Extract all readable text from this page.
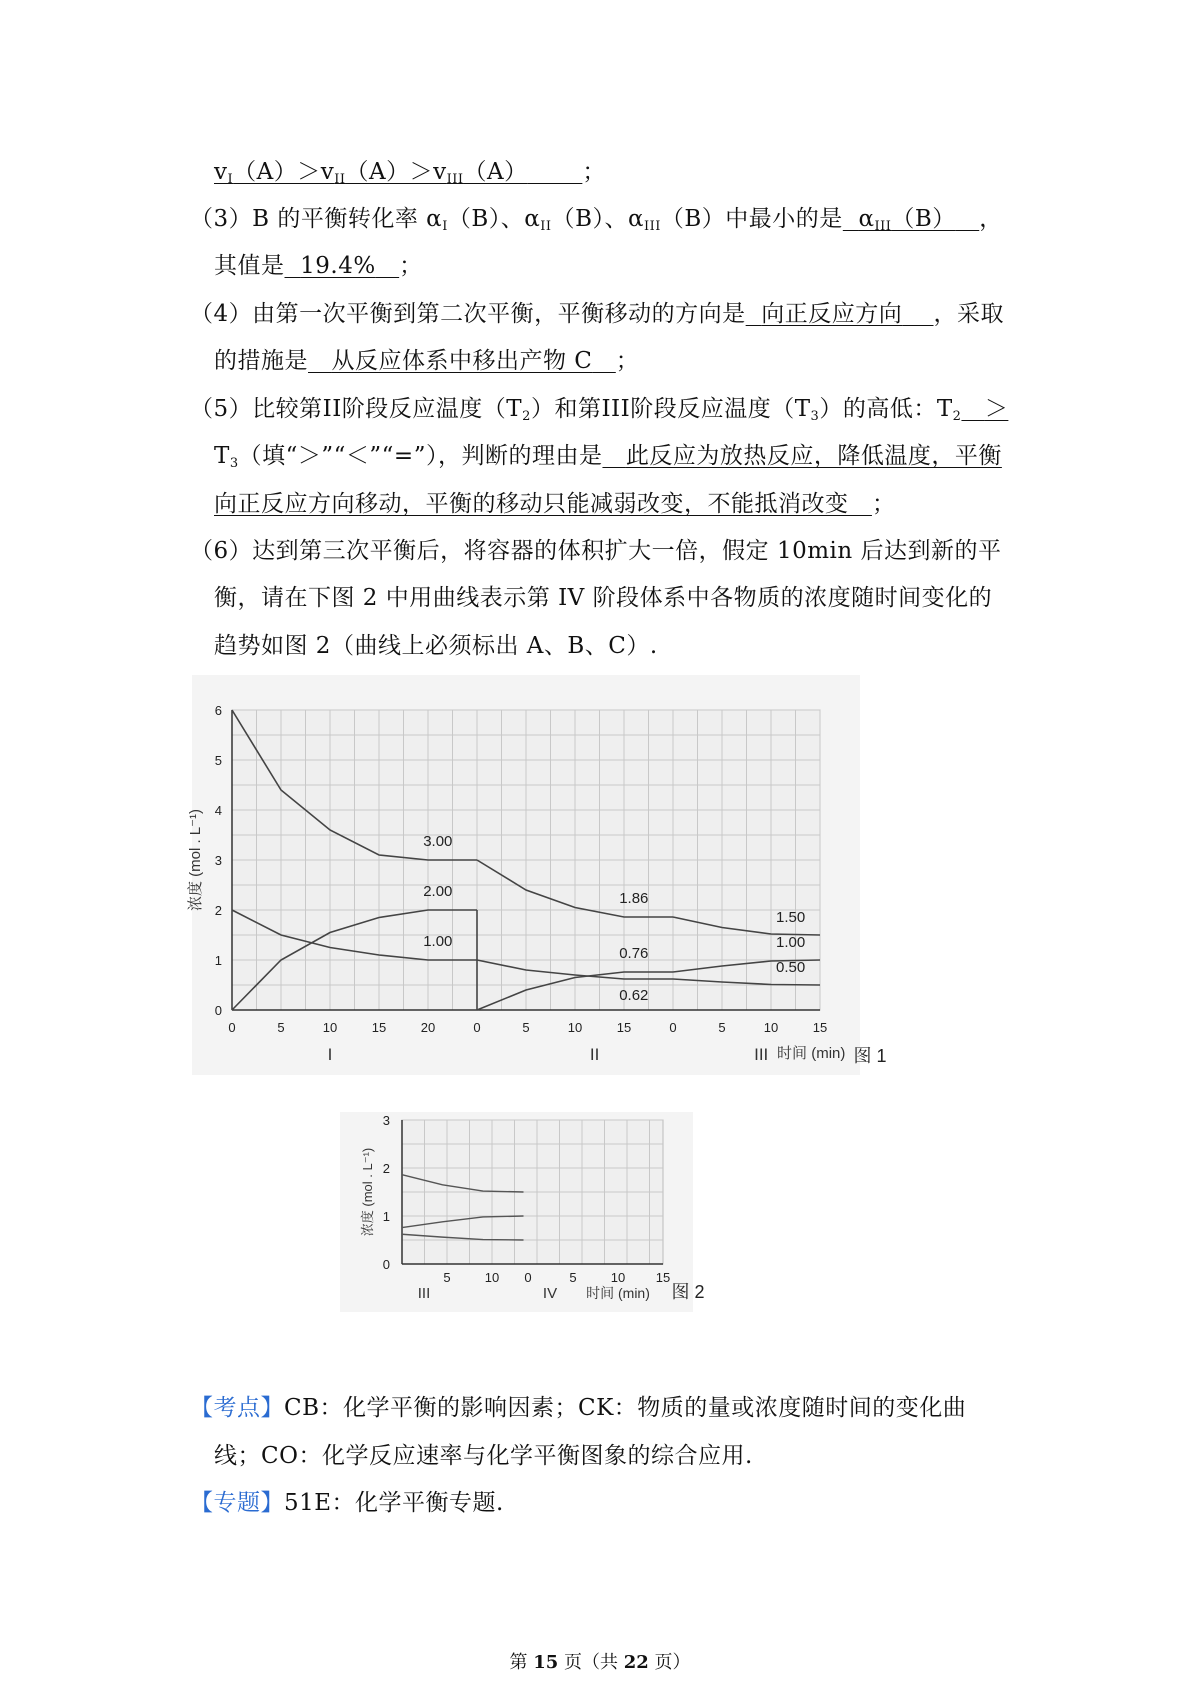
$v_I(A)>v_{II}(A)>v_{III}(A)$ ；
（3）B 的平衡转化率 $\alpha_I(B)$、$\alpha_{II}(B)$、$\alpha_{III}(B)$中最小的是 $\alpha_{III}(B)$ ，
其值是 19.4% ；
（4）由第一次平衡到第二次平衡，平衡移动的方向是 向正反应方向 ，采取
的措施是 从反应体系中移出产物 C ；
（5）比较第II阶段反应温度$(T_2)$和第III阶段反应温度$(T_3)$的高低：$T_2$ ＞
$T_3$（填“＞”“＜”“=”），判断的理由是 此反应为放热反应，降低温度，平衡
向正反应方向移动，平衡的移动只能减弱改变，不能抵消改变 ；
（6）达到第三次平衡后，将容器的体积扩大一倍，假定 10min 后达到新的平
衡，请在下图 2 中用曲线表示第 IV 阶段体系中各物质的浓度随时间变化的
趋势如图 2（曲线上必须标出 A、B、C）.
0
1
2
3
4
5
6
0	5	10	15	20	0	5	10	15	0	5	10	15
I	II	III 时间 (min)
浓度 (mol . L⁻¹)	3.00
2.00
1.00
1.86
0.76
0.62
1.50
1.00
0.50
图 1
0
1
2
3
5	10 0	5	10 15
III	IV 时间 (min)
浓度 (mol . L⁻¹)
图 2
【考点】CB：化学平衡的影响因素；CK：物质的量或浓度随时间的变化曲
线；CO：化学反应速率与化学平衡图象的综合应用.
【专题】51E：化学平衡专题.
第 15 页（共 22 页）
